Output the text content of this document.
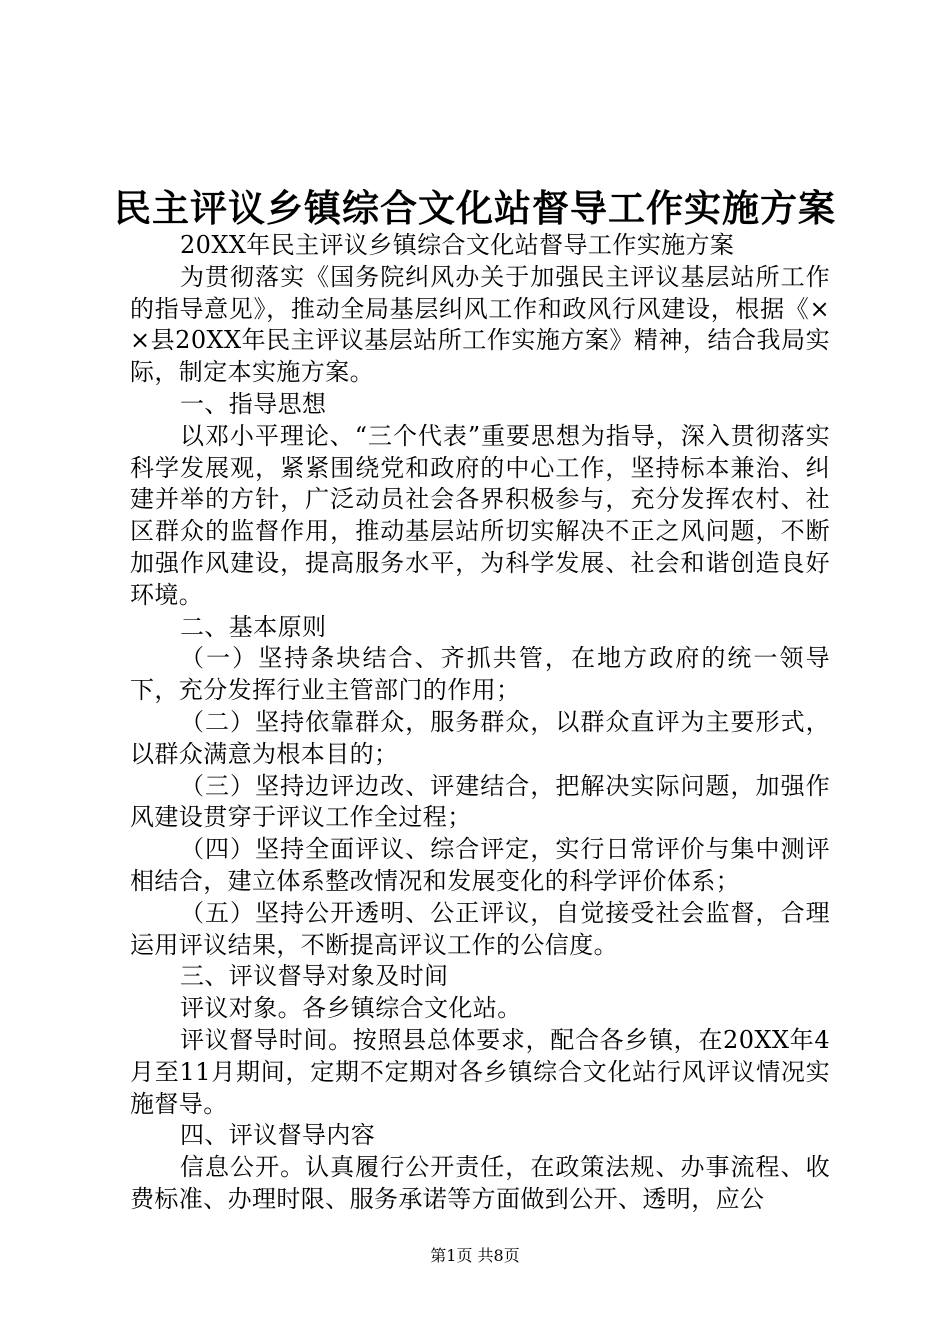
民主评议乡镇综合文化站督导工作实施方案

20XX年民主评议乡镇综合文化站督导工作实施方案

为贯彻落实《国务院纠风办关于加强民主评议基层站所工作的指导意见》，推动全局基层纠风工作和政风行风建设，根据《××县20XX年民主评议基层站所工作实施方案》精神，结合我局实际，制定本实施方案。

一、指导思想

以邓小平理论、“三个代表”重要思想为指导，深入贯彻落实科学发展观，紧紧围绕党和政府的中心工作，坚持标本兼治、纠建并举的方针，广泛动员社会各界积极参与，充分发挥农村、社区群众的监督作用，推动基层站所切实解决不正之风问题，不断加强作风建设，提高服务水平，为科学发展、社会和谐创造良好环境。

二、基本原则

（一）坚持条块结合、齐抓共管，在地方政府的统一领导下，充分发挥行业主管部门的作用；

（二）坚持依靠群众，服务群众，以群众直评为主要形式，以群众满意为根本目的；

（三）坚持边评边改、评建结合，把解决实际问题，加强作风建设贯穿于评议工作全过程；

（四）坚持全面评议、综合评定，实行日常评价与集中测评相结合，建立体系整改情况和发展变化的科学评价体系；

（五）坚持公开透明、公正评议，自觉接受社会监督，合理运用评议结果，不断提高评议工作的公信度。

三、评议督导对象及时间

评议对象。各乡镇综合文化站。

评议督导时间。按照县总体要求，配合各乡镇，在20XX年4月至11月期间，定期不定期对各乡镇综合文化站行风评议情况实施督导。

四、评议督导内容

信息公开。认真履行公开责任，在政策法规、办事流程、收费标准、办理时限、服务承诺等方面做到公开、透明，应公

第1页 共8页
